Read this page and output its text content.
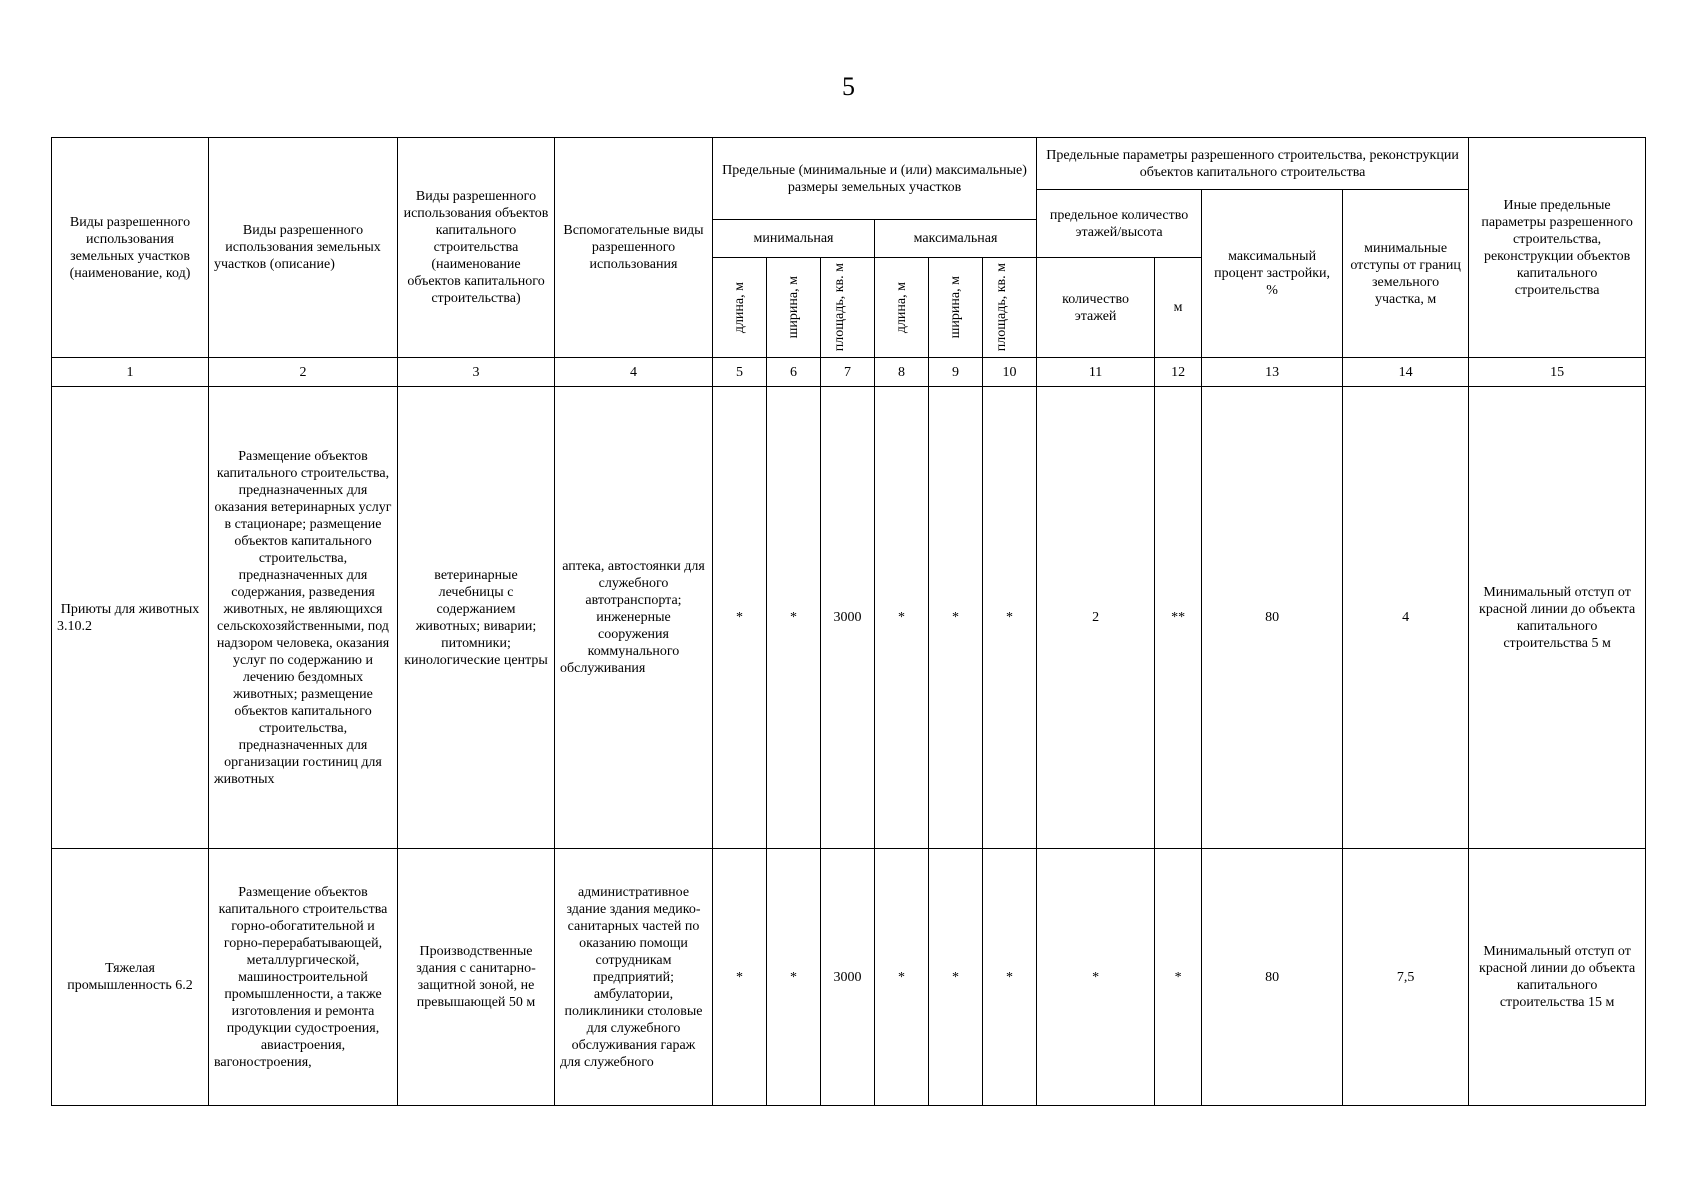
5
Виды разрешенного использования земельных участков (наименование, код)	Виды разрешенного использования земельных участков (описание)	Виды разрешенного использования объектов капитального строительства (наименование объектов капитального строительства)	Вспомогательные виды разрешенного использования	Предельные (минимальные и (или) максимальные) размеры земельных участков						Предельные параметры разрешенного строительства, реконструкции объектов капитального строительства				Иные предельные параметры разрешенного строительства, реконструкции объектов капитального строительства
										предельное количество этажей/высота		максимальный процент застройки, %	минимальные отступы от границ земельного участка, м	
				минимальная			максимальная							

				длина, м	ширина, м	площадь, кв. м	длина, м	ширина, м	площадь, кв. м	количество этажей	м			
1	2	3	4	5	6	7	8	9	10	11	12	13	14	15
Приюты для животных 3.10.2	Размещение объектов капитального строительства, предназначенных для оказания ветеринарных услуг в стационаре; размещение объектов капитального строительства, предназначенных для содержания, разведения животных, не являющихся сельскохозяйственными, под надзором человека, оказания услуг по содержанию и лечению бездомных животных; размещение объектов капитального строительства, предназначенных для организации гостиниц для животных	ветеринарные лечебницы с содержанием животных; виварии; питомники; кинологические центры	аптека, автостоянки для служебного автотранспорта; инженерные сооружения коммунального обслуживания	*	*	3000	*	*	*	2	**	80	4	Минимальный отступ от красной линии до объекта капитального строительства 5 м
Тяжелая промышленность 6.2	Размещение объектов капитального строительства горно-обогатительной и горно-перерабатывающей, металлургической, машиностроительной промышленности, а также изготовления и ремонта продукции судостроения, авиастроения, вагоностроения,	Производственные здания с санитарно-защитной зоной, не превышающей 50 м	административное здание здания медико-санитарных частей по оказанию помощи сотрудникам предприятий; амбулатории, поликлиники столовые для служебного обслуживания гараж для служебного	*	*	3000	*	*	*	*	*	80	7,5	Минимальный отступ от красной линии до объекта капитального строительства 15 м
